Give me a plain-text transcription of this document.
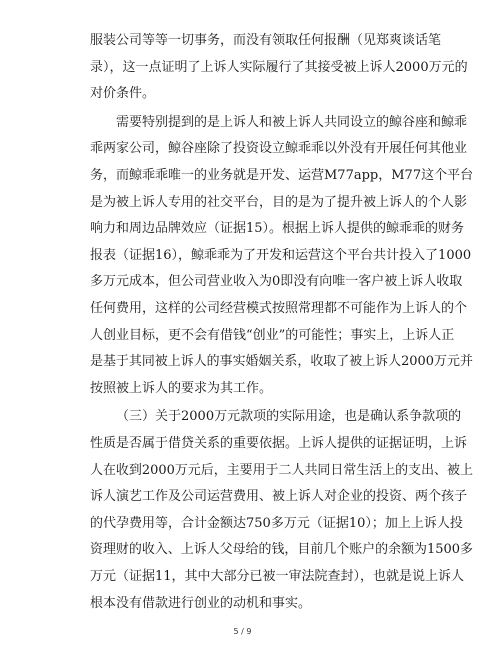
服装公司等等一切事务，而没有领取任何报酬（见郑爽谈话笔
录），这一点证明了上诉人实际履行了其接受被上诉人2000万元的
对价条件。
需要特别提到的是上诉人和被上诉人共同设立的鲸谷座和鲸乖
乖两家公司，鲸谷座除了投资设立鲸乖乖以外没有开展任何其他业
务，而鲸乖乖唯一的业务就是开发、运营M77app，M77这个平台
是为被上诉人专用的社交平台，目的是为了提升被上诉人的个人影
响力和周边品牌效应（证据15）。根据上诉人提供的鲸乖乖的财务
报表（证据16），鲸乖乖为了开发和运营这个平台共计投入了1000
多万元成本，但公司营业收入为0即没有向唯一客户被上诉人收取
任何费用，这样的公司经营模式按照常理都不可能作为上诉人的个
人创业目标，更不会有借钱“创业”的可能性；事实上，上诉人正
是基于其同被上诉人的事实婚姻关系，收取了被上诉人2000万元并
按照被上诉人的要求为其工作。
（三）关于2000万元款项的实际用途，也是确认系争款项的
性质是否属于借贷关系的重要依据。上诉人提供的证据证明，上诉
人在收到2000万元后，主要用于二人共同日常生活上的支出、被上
诉人演艺工作及公司运营费用、被上诉人对企业的投资、两个孩子
的代孕费用等，合计金额达750多万元（证据10）；加上上诉人投
资理财的收入、上诉人父母给的钱，目前几个账户的余额为1500多
万元（证据11，其中大部分已被一审法院查封），也就是说上诉人
根本没有借款进行创业的动机和事实。
5 / 9
